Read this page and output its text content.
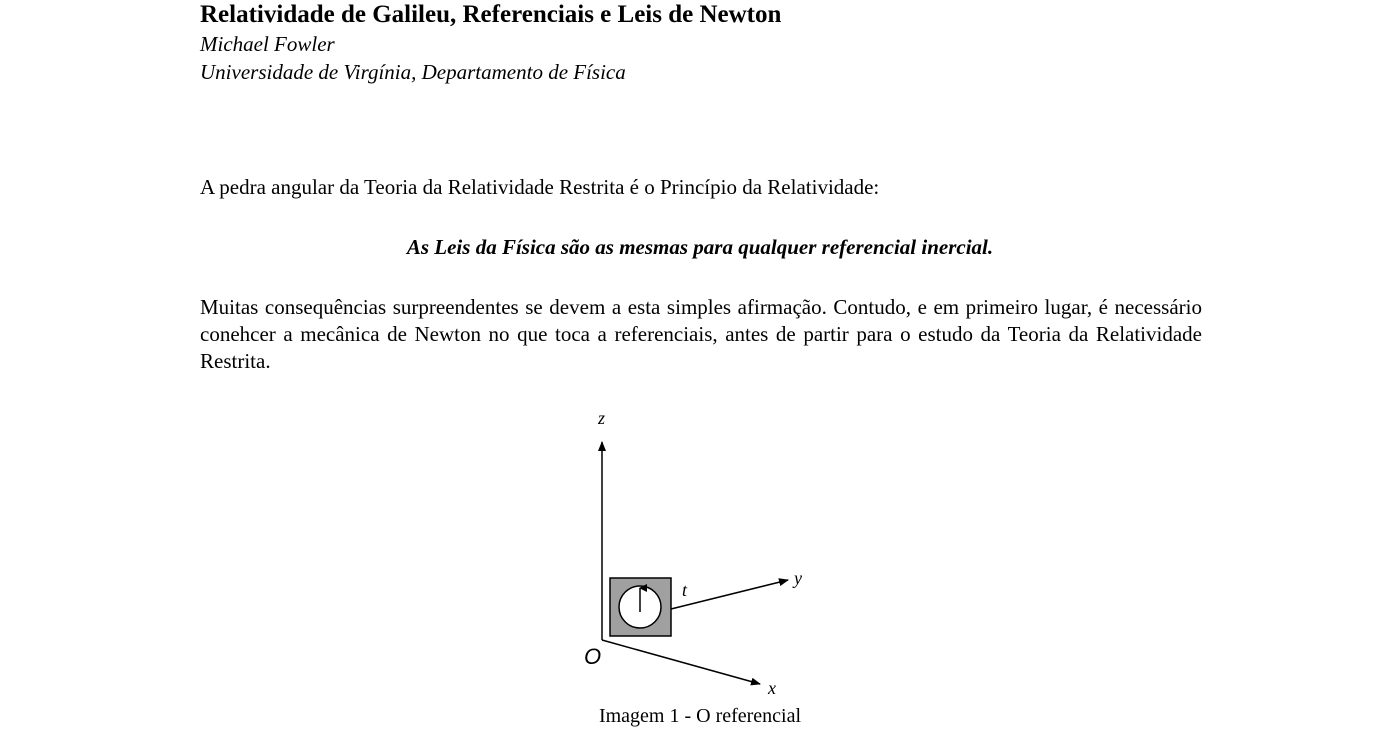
Relatividade de Galileu, Referenciais e Leis de Newton
Michael Fowler
Universidade de Virgínia, Departamento de Física
A pedra angular da Teoria da Relatividade Restrita é o Princípio da Relatividade:
As Leis da Física são as mesmas para qualquer referencial inercial.

Muitas consequências surpreendentes se devem a esta simples afirmação. Contudo, e em primeiro lugar, é necessário conehcer a mecânica de Newton no que toca a referenciais, antes de partir para o estudo da Teoria da Relatividade Restrita.

z
x
O
t
y
Imagem 1 - O referencial
